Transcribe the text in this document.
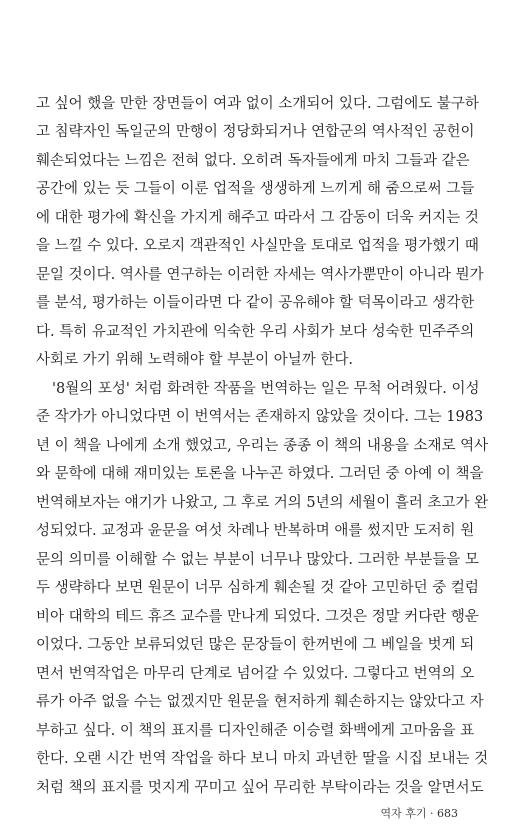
고 싶어 했을 만한 장면들이 여과 없이 소개되어 있다. 그럼에도 불구하
고 침략자인 독일군의 만행이 정당화되거나 연합군의 역사적인 공헌이
훼손되었다는 느낌은 전혀 없다. 오히려 독자들에게 마치 그들과 같은
공간에 있는 듯 그들이 이룬 업적을 생생하게 느끼게 해 줌으로써 그들
에 대한 평가에 확신을 가지게 해주고 따라서 그 감동이 더욱 커지는 것
을 느낄 수 있다. 오로지 객관적인 사실만을 토대로 업적을 평가했기 때
문일 것이다. 역사를 연구하는 이러한 자세는 역사가뿐만이 아니라 뭔가
를 분석, 평가하는 이들이라면 다 같이 공유해야 할 덕목이라고 생각한
다. 특히 유교적인 가치관에 익숙한 우리 사회가 보다 성숙한 민주주의
사회로 가기 위해 노력해야 할 부분이 아닐까 한다.
'8월의 포성' 처럼 화려한 작품을 번역하는 일은 무척 어려웠다. 이성
준 작가가 아니었다면 이 번역서는 존재하지 않았을 것이다. 그는 1983
년 이 책을 나에게 소개 했었고, 우리는 종종 이 책의 내용을 소재로 역사
와 문학에 대해 재미있는 토론을 나누곤 하였다. 그러던 중 아예 이 책을
번역해보자는 얘기가 나왔고, 그 후로 거의 5년의 세월이 흘러 초고가 완
성되었다. 교정과 윤문을 여섯 차례나 반복하며 애를 썼지만 도저히 원
문의 의미를 이해할 수 없는 부분이 너무나 많았다. 그러한 부분들을 모
두 생략하다 보면 원문이 너무 심하게 훼손될 것 같아 고민하던 중 컬럼
비아 대학의 테드 휴즈 교수를 만나게 되었다. 그것은 정말 커다란 행운
이었다. 그동안 보류되었던 많은 문장들이 한꺼번에 그 베일을 벗게 되
면서 번역작업은 마무리 단계로 넘어갈 수 있었다. 그렇다고 번역의 오
류가 아주 없을 수는 없겠지만 원문을 현저하게 훼손하지는 않았다고 자
부하고 싶다. 이 책의 표지를 디자인해준 이승렬 화백에게 고마움을 표
한다. 오랜 시간 번역 작업을 하다 보니 마치 과년한 딸을 시집 보내는 것
처럼 책의 표지를 멋지게 꾸미고 싶어 무리한 부탁이라는 것을 알면서도
역자 후기 · 683
